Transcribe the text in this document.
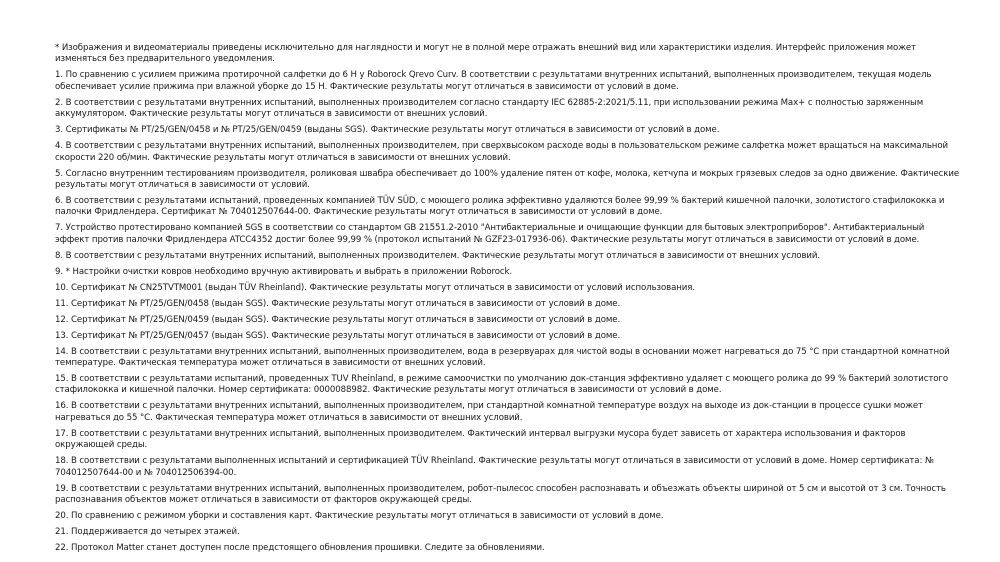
* Изображения и видеоматериалы приведены исключительно для наглядности и могут не в полной мере отражать внешний вид или характеристики изделия. Интерфейс приложения может изменяться без предварительного уведомления.

1. По сравнению с усилием прижима протирочной салфетки до 6 Н у Roborock Qrevo Curv. В соответствии с результатами внутренних испытаний, выполненных производителем, текущая модель обеспечивает усилие прижима при влажной уборке до 15 Н. Фактические результаты могут отличаться в зависимости от условий в доме.

2. В соответствии с результатами внутренних испытаний, выполненных производителем согласно стандарту IEC 62885-2:2021/5.11, при использовании режима Max+ с полностью заряженным аккумулятором. Фактические результаты могут отличаться в зависимости от внешних условий.

3. Сертификаты № PT/25/GEN/0458 и № PT/25/GEN/0459 (выданы SGS). Фактические результаты могут отличаться в зависимости от условий в доме.

4. В соответствии с результатами внутренних испытаний, выполненных производителем, при сверхвысоком расходе воды в пользовательском режиме салфетка может вращаться на максимальной скорости 220 об/мин. Фактические результаты могут отличаться в зависимости от внешних условий.

5. Согласно внутренним тестированиям производителя, роликовая швабра обеспечивает до 100% удаление пятен от кофе, молока, кетчупа и мокрых грязевых следов за одно движение. Фактические результаты могут отличаться в зависимости от условий.

6. В соответствии с результатами испытаний, проведенных компанией TÜV SÜD, с моющего ролика эффективно удаляются более 99,99 % бактерий кишечной палочки, золотистого стафилококка и палочки Фридлендера. Сертификат № 704012507644-00. Фактические результаты могут отличаться в зависимости от условий в доме.

7. Устройство протестировано компанией SGS в соответствии со стандартом GB 21551.2-2010 "Антибактериальные и очищающие функции для бытовых электроприборов". Антибактериальный эффект против палочки Фридлендера ATCC4352 достиг более 99,99 % (протокол испытаний № GZF23-017936-06). Фактические результаты могут отличаться в зависимости от условий в доме.

8. В соответствии с результатами внутренних испытаний, выполненных производителем. Фактические результаты могут отличаться в зависимости от внешних условий.

9. * Настройки очистки ковров необходимо вручную активировать и выбрать в приложении Roborock.

10. Сертификат № CN25TVTM001 (выдан TÜV Rheinland). Фактические результаты могут отличаться в зависимости от условий использования.

11. Сертификат № PT/25/GEN/0458 (выдан SGS). Фактические результаты могут отличаться в зависимости от условий в доме.

12. Сертификат № PT/25/GEN/0459 (выдан SGS). Фактические результаты могут отличаться в зависимости от условий в доме.

13. Сертификат № PT/25/GEN/0457 (выдан SGS). Фактические результаты могут отличаться в зависимости от условий в доме.

14. В соответствии с результатами внутренних испытаний, выполненных производителем, вода в резервуарах для чистой воды в основании может нагреваться до 75 °C при стандартной комнатной температуре. Фактическая температура может отличаться в зависимости от внешних условий.

15. В соответствии с результатами испытаний, проведенных TUV Rheinland, в режиме самоочистки по умолчанию док-станция эффективно удаляет с моющего ролика до 99 % бактерий золотистого стафилококка и кишечной палочки. Номер сертификата: 0000088982. Фактические результаты могут отличаться в зависимости от условий в доме.

16. В соответствии с результатами внутренних испытаний, выполненных производителем, при стандартной комнатной температуре воздух на выходе из док-станции в процессе сушки может нагреваться до 55 °C. Фактическая температура может отличаться в зависимости от внешних условий.

17. В соответствии с результатами внутренних испытаний, выполненных производителем. Фактический интервал выгрузки мусора будет зависеть от характера использования и факторов окружающей среды.

18. В соответствии с результатами выполненных испытаний и сертификацией TÜV Rheinland. Фактические результаты могут отличаться в зависимости от условий в доме. Номер сертификата: № 704012507644-00 и № 704012506394-00.

19. В соответствии с результатами внутренних испытаний, выполненных производителем, робот-пылесос способен распознавать и объезжать объекты шириной от 5 см и высотой от 3 см. Точность распознавания объектов может отличаться в зависимости от факторов окружающей среды.

20. По сравнению с режимом уборки и составления карт. Фактические результаты могут отличаться в зависимости от условий в доме.

21. Поддерживается до четырех этажей.

22. Протокол Matter станет доступен после предстоящего обновления прошивки. Следите за обновлениями.
